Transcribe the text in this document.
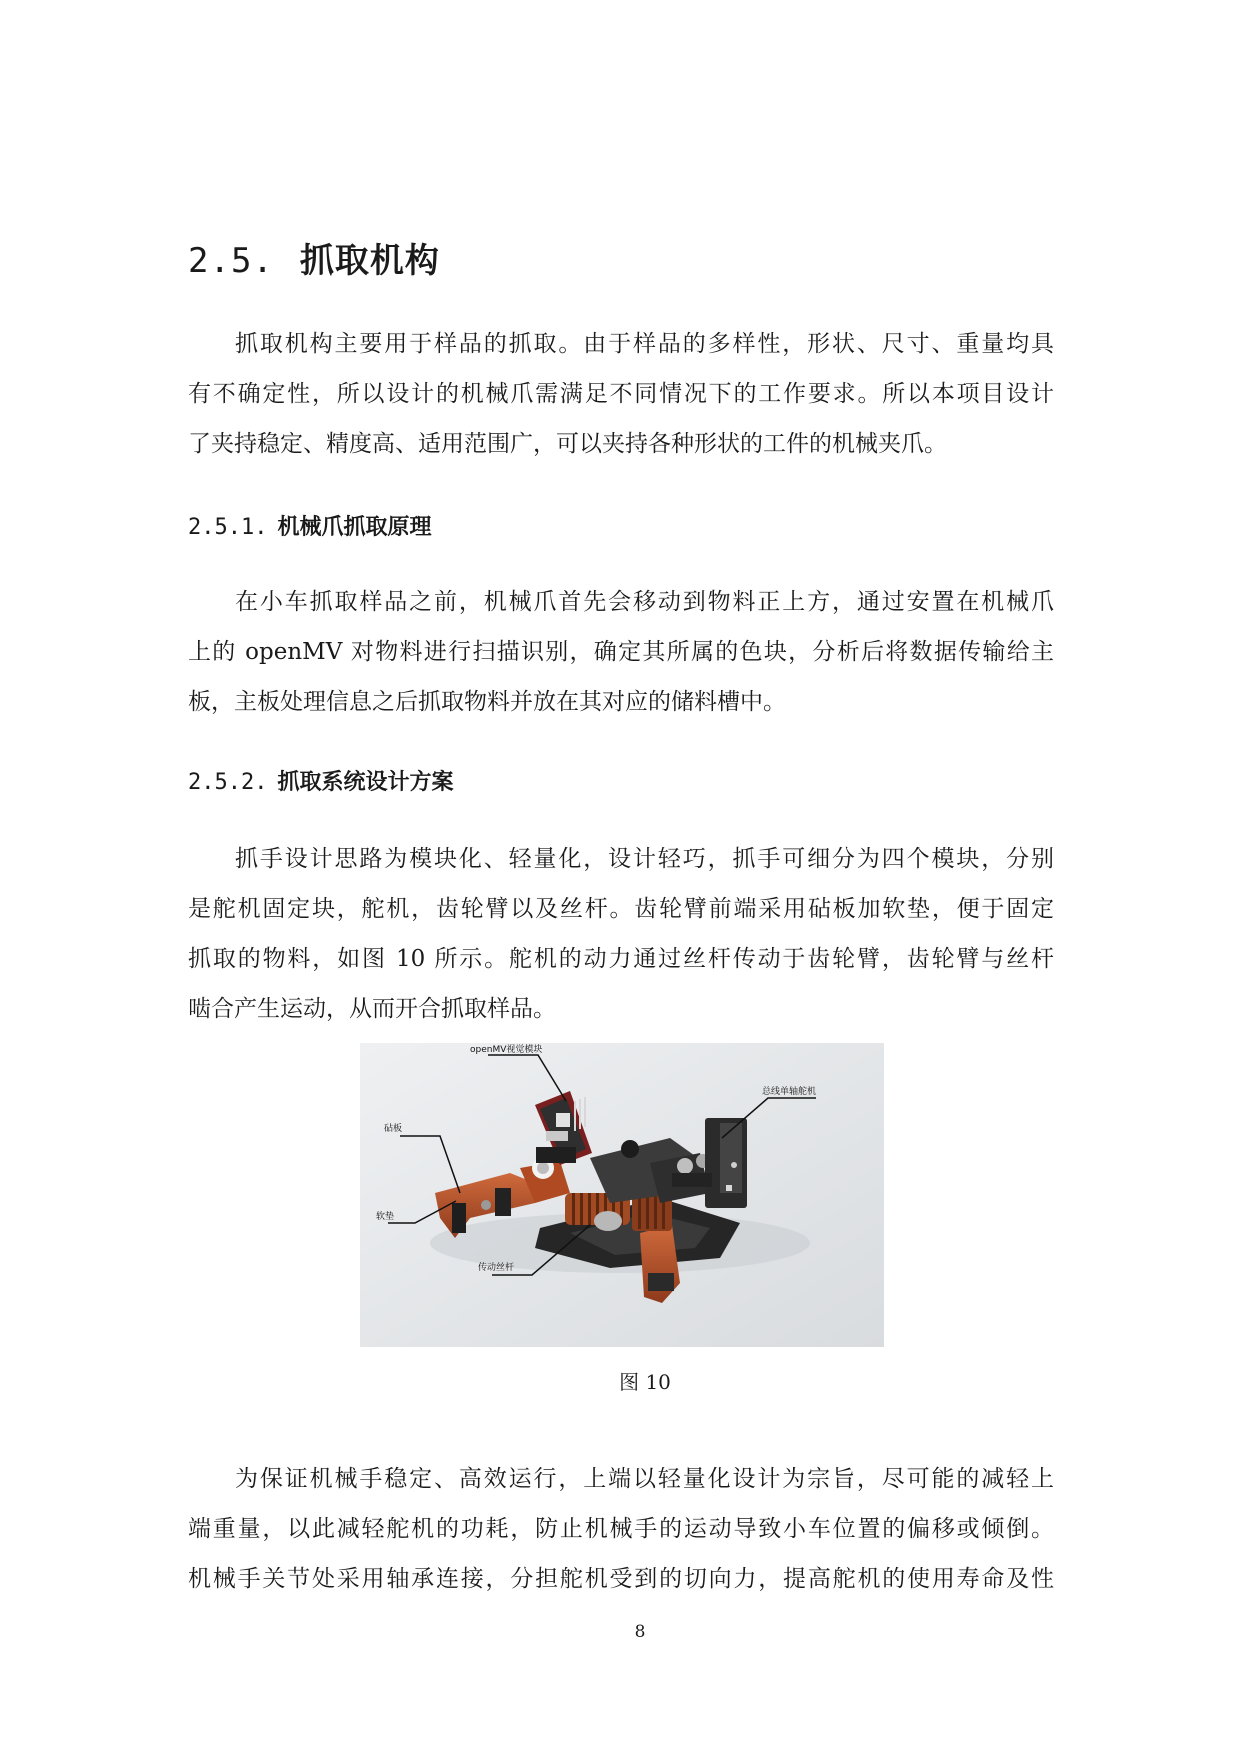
2.5. 抓取机构
抓取机构主要用于样品的抓取。由于样品的多样性，形状、尺寸、重量均具
有不确定性，所以设计的机械爪需满足不同情况下的工作要求。所以本项目设计
了夹持稳定、精度高、适用范围广，可以夹持各种形状的工件的机械夹爪。
2.5.1. 机械爪抓取原理
在小车抓取样品之前，机械爪首先会移动到物料正上方，通过安置在机械爪
上的 openMV 对物料进行扫描识别，确定其所属的色块，分析后将数据传输给主
板，主板处理信息之后抓取物料并放在其对应的储料槽中。
2.5.2. 抓取系统设计方案
抓手设计思路为模块化、轻量化，设计轻巧，抓手可细分为四个模块，分别
是舵机固定块，舵机，齿轮臂以及丝杆。齿轮臂前端采用砧板加软垫，便于固定
抓取的物料，如图 10 所示。舵机的动力通过丝杆传动于齿轮臂，齿轮臂与丝杆
啮合产生运动，从而开合抓取样品。
openMV视觉模块
总线单轴舵机
砧板
软垫
传动丝杆
图 10
为保证机械手稳定、高效运行，上端以轻量化设计为宗旨，尽可能的减轻上
端重量，以此减轻舵机的功耗，防止机械手的运动导致小车位置的偏移或倾倒。
机械手关节处采用轴承连接，分担舵机受到的切向力，提高舵机的使用寿命及性
8
